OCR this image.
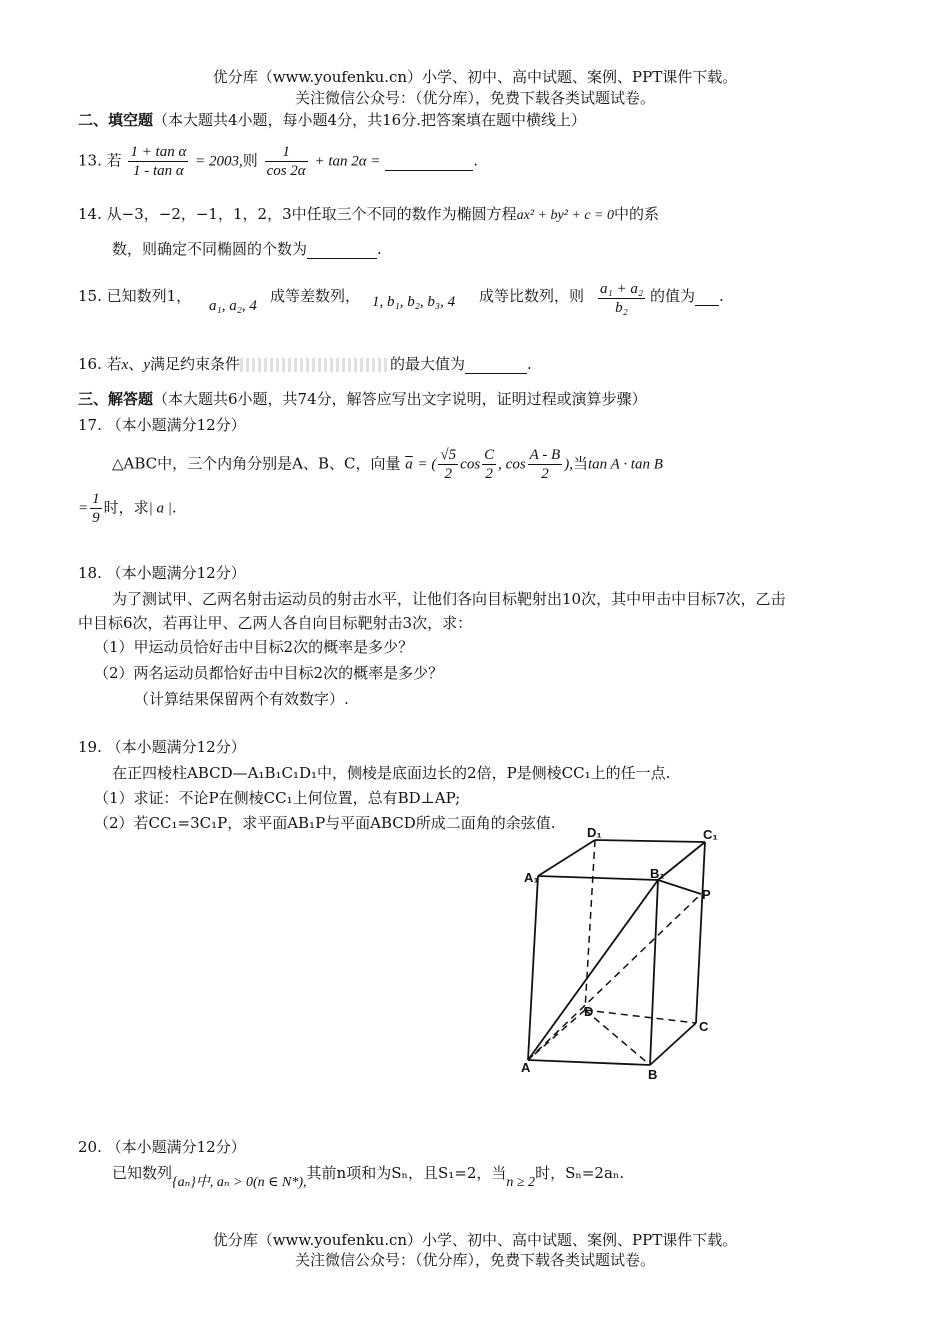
优分库（www.youfenku.cn）小学、初中、高中试题、案例、PPT课件下载。
关注微信公众号：（优分库），免费下载各类试题试卷。
二、填空题（本大题共4小题，每小题4分，共16分.把答案填在题中横线上）
13. 若 $\frac{\text{1 + tan α}}{\text{1 - tan α}} = 2003$,则 $\frac{1}{\cos 2\alpha} + \tan 2\alpha$ =	.
14. 从−3，−2，−1，1，2，3中任取三个不同的数作为椭圆方程ax² + by² + c = 0中的系
数，则确定不同椭圆的个数为	.
15. 已知数列1，
a₁, a₂, 4
成等差数列， 1, b₁, b₂, b₃, 4 成等比数列，则 $\frac{\text{a₁ + a₂}}{\text{b₂}}$ 的值为 .
16. 若x、y满足约束条件	的最大值为	.
三、解答题（本大题共6小题，共74分，解答应写出文字说明，证明过程或演算步骤）
17. （本小题满分12分）
△ABC中，三个内角分别是A、B、C，向量 $\overline{a}$ = ( $\frac{√5}{2}$ $\cos \frac{C}{2}$ , $\cos \frac{A - B}{2}$ ),当tan A · tan B
= $\frac{1}{9}$ 时，求| a |.
18. （本小题满分12分）
为了测试甲、乙两名射击运动员的射击水平，让他们各向目标靶射出10次，其中甲击中目标7次，乙击
中目标6次，若再让甲、乙两人各自向目标靶射击3次，求：
（1）甲运动员恰好击中目标2次的概率是多少？
（2）两名运动员都恰好击中目标2次的概率是多少？
（计算结果保留两个有效数字）.
19. （本小题满分12分）
在正四棱柱ABCD—A₁B₁C₁D₁中，侧棱是底面边长的2倍，P是侧棱CC₁上的任一点.
（1）求证：不论P在侧棱CC₁上何位置，总有BD⊥AP;
（2）若CC₁=3C₁P，求平面AB₁P与平面ABCD所成二面角的余弦值.
D₁	C₁
A₁	B₁
P
D
C
A	B
20. （本小题满分12分）
已知数列{aₙ}中, aₙ > 0(n ∈ N*),其前n项和为Sₙ，且S₁=2，当n ≥ 2时，Sₙ=2aₙ.
优分库（www.youfenku.cn）小学、初中、高中试题、案例、PPT课件下载。
关注微信公众号：（优分库），免费下载各类试题试卷。
